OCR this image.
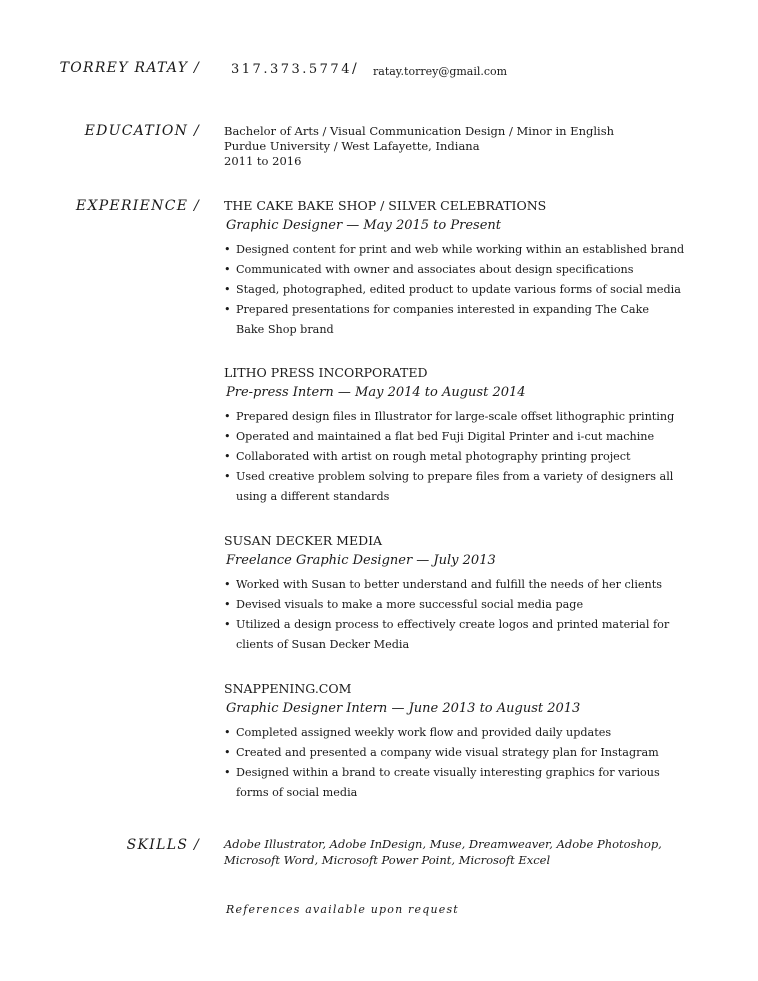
TORREY RATAY / 317.373.5774 / ratay.torrey@gmail.com
EDUCATION / Bachelor of Arts / Visual Communication Design / Minor in English
Purdue University / West Lafayette, Indiana
2011 to 2016
EXPERIENCE / THE CAKE BAKE SHOP / SILVER CELEBRATIONS

Graphic Designer — May 2015 to Present

• Designed content for print and web while working within an established brand
• Communicated with owner and associates about design specifications
• Staged, photographed, edited product to update various forms of social media
• Prepared presentations for companies interested in expanding The Cake Bake Shop brand

LITHO PRESS INCORPORATED

Pre-press Intern — May 2014 to August 2014

• Prepared design files in Illustrator for large-scale offset lithographic printing
• Operated and maintained a flat bed Fuji Digital Printer and i-cut machine
• Collaborated with artist on rough metal photography printing project
• Used creative problem solving to prepare files from a variety of designers all using a different standards

SUSAN DECKER MEDIA

Freelance Graphic Designer — July 2013

• Worked with Susan to better understand and fulfill the needs of her clients
• Devised visuals to make a more successful social media page
• Utilized a design process to effectively create logos and printed material for clients of Susan Decker Media

SNAPPENING.COM

Graphic Designer Intern — June 2013 to August 2013

• Completed assigned weekly work flow and provided daily updates
• Created and presented a company wide visual strategy plan for Instagram
• Designed within a brand to create visually interesting graphics for various forms of social media
SKILLS / Adobe Illustrator, Adobe InDesign, Muse, Dreamweaver, Adobe Photoshop,
Microsoft Word, Microsoft Power Point, Microsoft Excel
References available upon request
